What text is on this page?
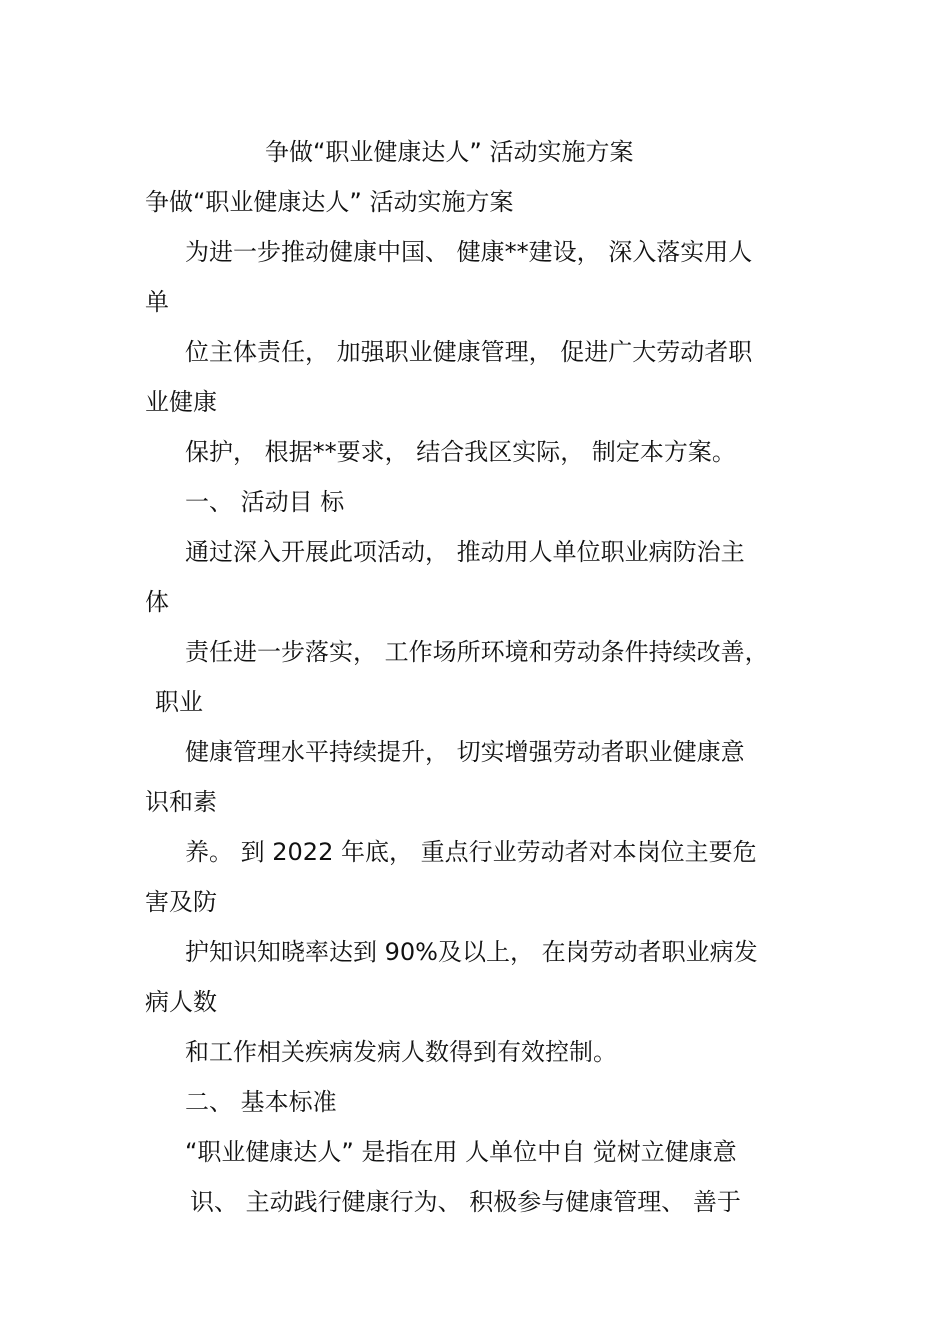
争做“职业健康达人” 活动实施方案
争做“职业健康达人” 活动实施方案
为进一步推动健康中国、 健康**建设， 深入落实用人
单
位主体责任， 加强职业健康管理， 促进广大劳动者职
业健康
保护， 根据**要求， 结合我区实际， 制定本方案。
一、 活动目 标
通过深入开展此项活动， 推动用人单位职业病防治主
体
责任进一步落实， 工作场所环境和劳动条件持续改善，
职业
健康管理水平持续提升， 切实增强劳动者职业健康意
识和素
养。 到 2022 年底， 重点行业劳动者对本岗位主要危
害及防
护知识知晓率达到 90%及以上， 在岗劳动者职业病发
病人数
和工作相关疾病发病人数得到有效控制。
二、 基本标准
“职业健康达人” 是指在用 人单位中自 觉树立健康意
识、 主动践行健康行为、 积极参与健康管理、 善于
